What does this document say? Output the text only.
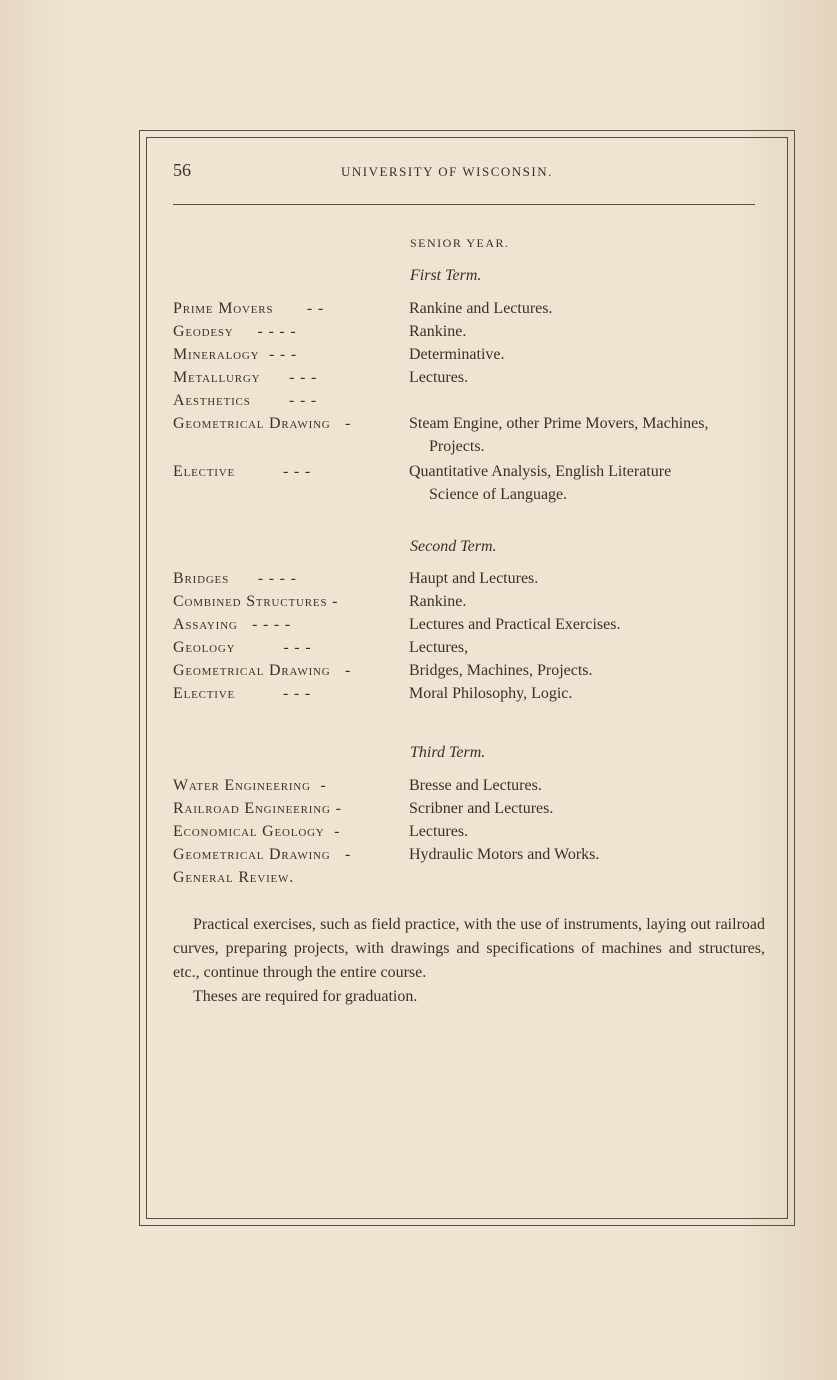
56	UNIVERSITY OF WISCONSIN.
SENIOR YEAR.
First Term.
Prime Movers - -	Rankine and Lectures.
Geodesy - - - -	Rankine.
Mineralogy - - -	Determinative.
Metallurgy - - -	Lectures.
Aesthetics - - -
Geometrical Drawing -	Steam Engine, other Prime Movers, Machines,
Projects.
Elective	- - -	Quantitative Analysis, English Literature
Science of Language.
Second Term.
Bridges - - - -	Haupt and Lectures.
Combined Structures -	Rankine.
Assaying - - - -	Lectures and Practical Exercises.
Geology	- - -	Lectures,
Geometrical Drawing -	Bridges, Machines, Projects.
Elective	- - -	Moral Philosophy, Logic.
Third Term.
Water Engineering -	Bresse and Lectures.
Railroad Engineering -	Scribner and Lectures.
Economical Geology -	Lectures.
Geometrical Drawing -	Hydraulic Motors and Works.
General Review.

Practical exercises, such as field practice, with the use of instruments, laying out railroad curves, preparing projects, with drawings and specifications of machines and structures, etc., continue through the entire course.

Theses are required for graduation.
